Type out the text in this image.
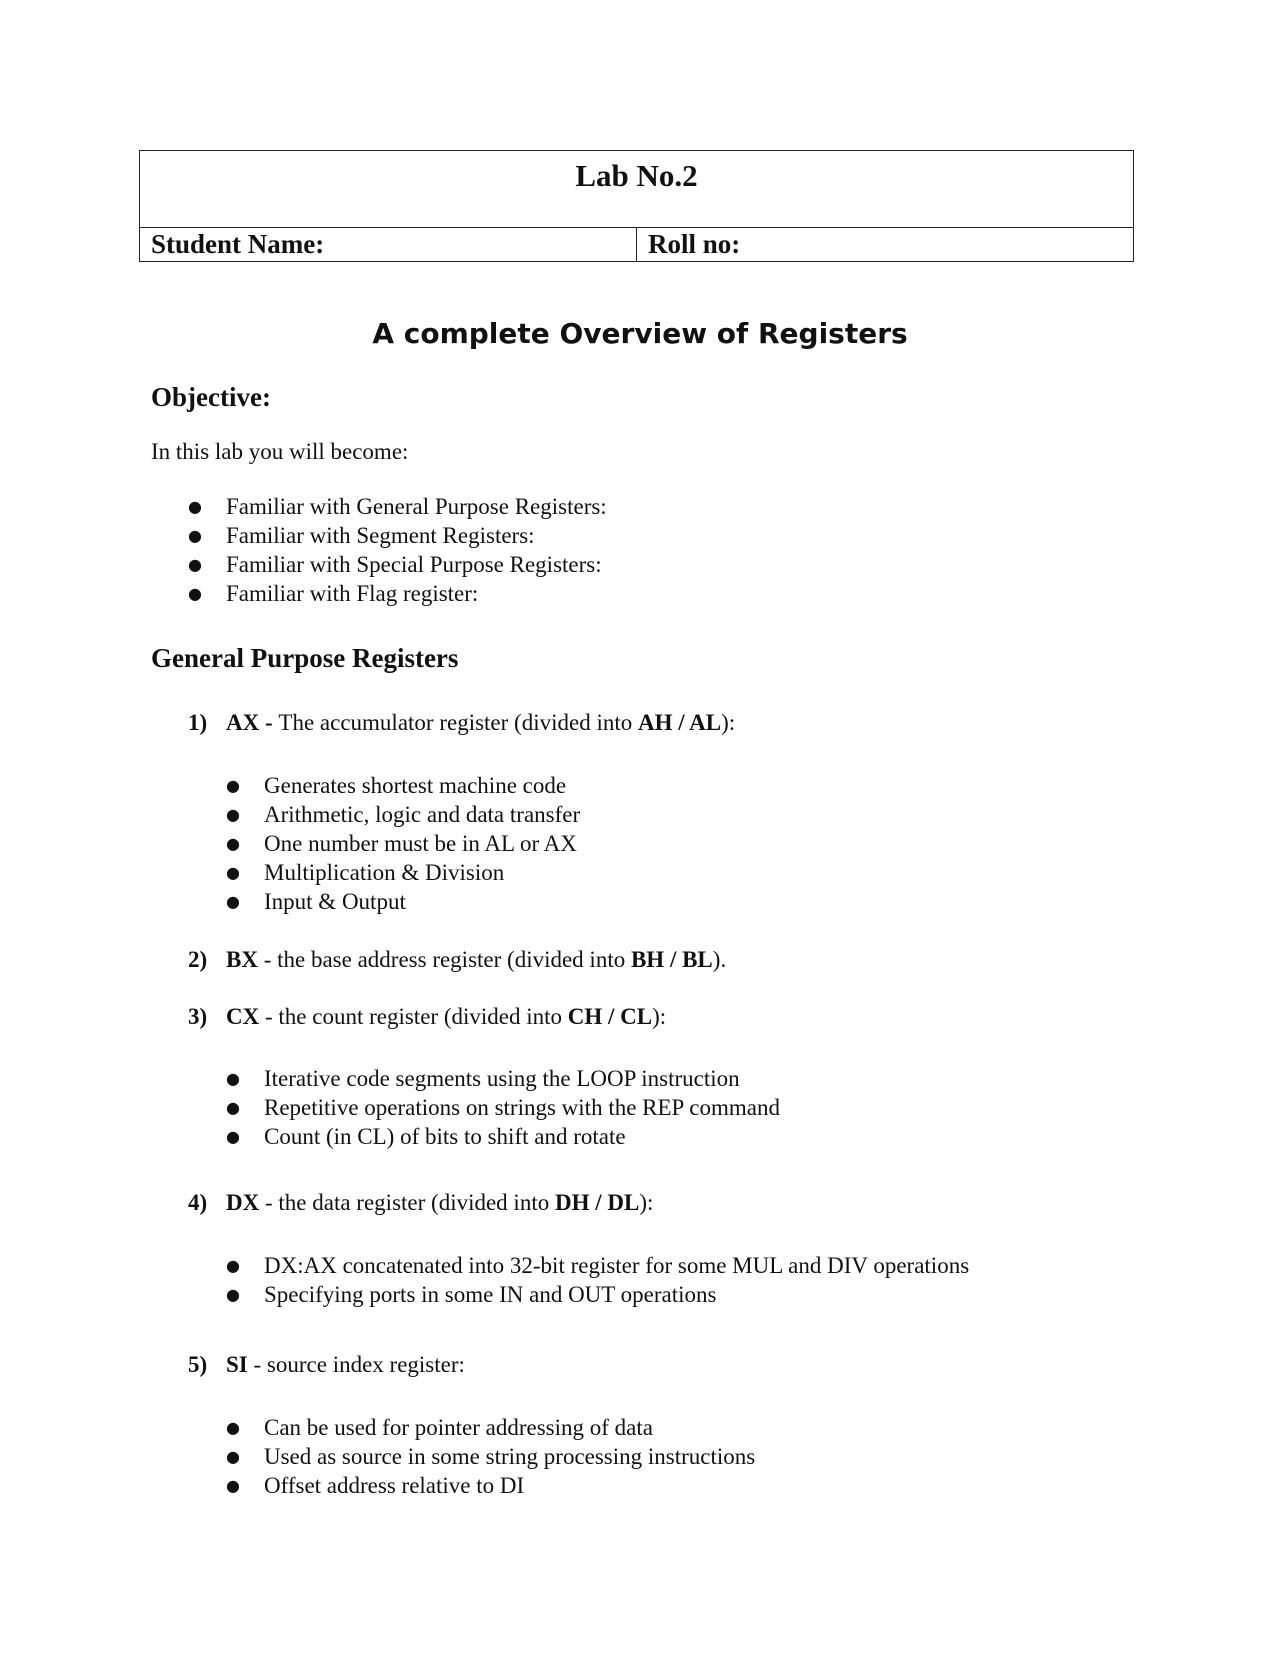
Lab No.2

Student Name:	Roll no:
A complete Overview of Registers
Objective:

In this lab you will become:

● Familiar with General Purpose Registers:
● Familiar with Segment Registers:
● Familiar with Special Purpose Registers:
● Familiar with Flag register:
General Purpose Registers

1) AX - The accumulator register (divided into AH / AL):

● Generates shortest machine code
● Arithmetic, logic and data transfer
● One number must be in AL or AX
● Multiplication & Division
● Input & Output

2) BX - the base address register (divided into BH / BL).

3) CX - the count register (divided into CH / CL):

● Iterative code segments using the LOOP instruction
● Repetitive operations on strings with the REP command
● Count (in CL) of bits to shift and rotate

4) DX - the data register (divided into DH / DL):

● DX:AX concatenated into 32-bit register for some MUL and DIV operations
● Specifying ports in some IN and OUT operations

5) SI - source index register:

● Can be used for pointer addressing of data
● Used as source in some string processing instructions
● Offset address relative to DI
